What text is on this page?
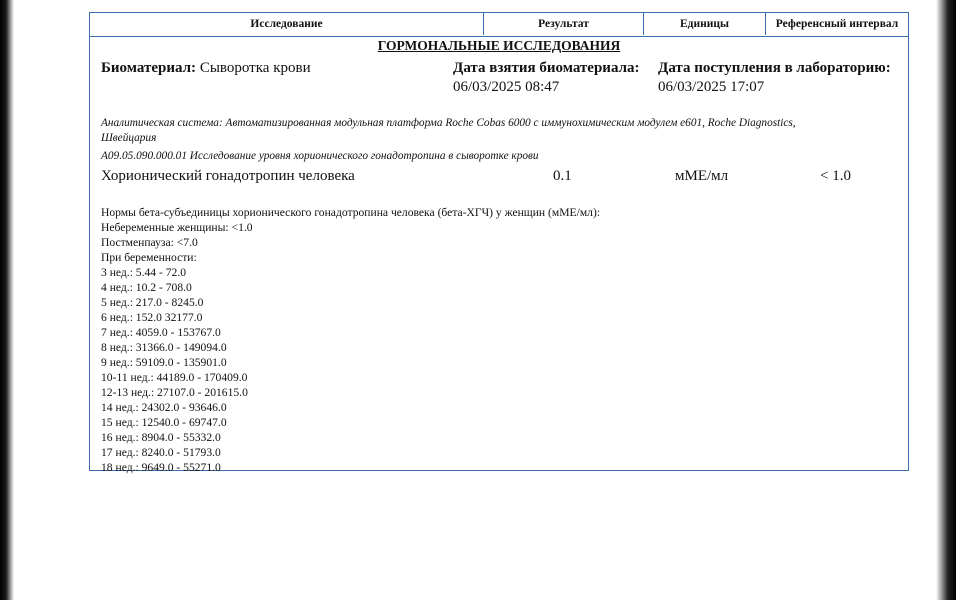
Исследование	Результат	Единицы	Референсный интервал
ГОРМОНАЛЬНЫЕ ИССЛЕДОВАНИЯ
Биоматериал: Сыворотка крови	Дата взятия биоматериала:
06/03/2025 08:47
Дата поступления в лабораторию:
06/03/2025 17:07
Аналитическая система: Автоматизированная модульная платформа Roche Cobas 6000 с иммунохимическим модулем е601, Roche Diagnostics,
Швейцария
A09.05.090.000.01 Исследование уровня хорионического гонадотропина в сыворотке крови
Хорионический гонадотропин человека	0.1	мМЕ/мл	< 1.0
Нормы бета-субъединицы хорионического гонадотропина человека (бета-ХГЧ) у женщин (мМЕ/мл):
Небеременные женщины: <1.0
Постменпауза: <7.0
При беременности:
3 нед.: 5.44 - 72.0
4 нед.: 10.2 - 708.0
5 нед.: 217.0 - 8245.0
6 нед.: 152.0 32177.0
7 нед.: 4059.0 - 153767.0
8 нед.: 31366.0 - 149094.0
9 нед.: 59109.0 - 135901.0
10-11 нед.: 44189.0 - 170409.0
12-13 нед.: 27107.0 - 201615.0
14 нед.: 24302.0 - 93646.0
15 нед.: 12540.0 - 69747.0
16 нед.: 8904.0 - 55332.0
17 нед.: 8240.0 - 51793.0
18 нед.: 9649.0 - 55271.0
